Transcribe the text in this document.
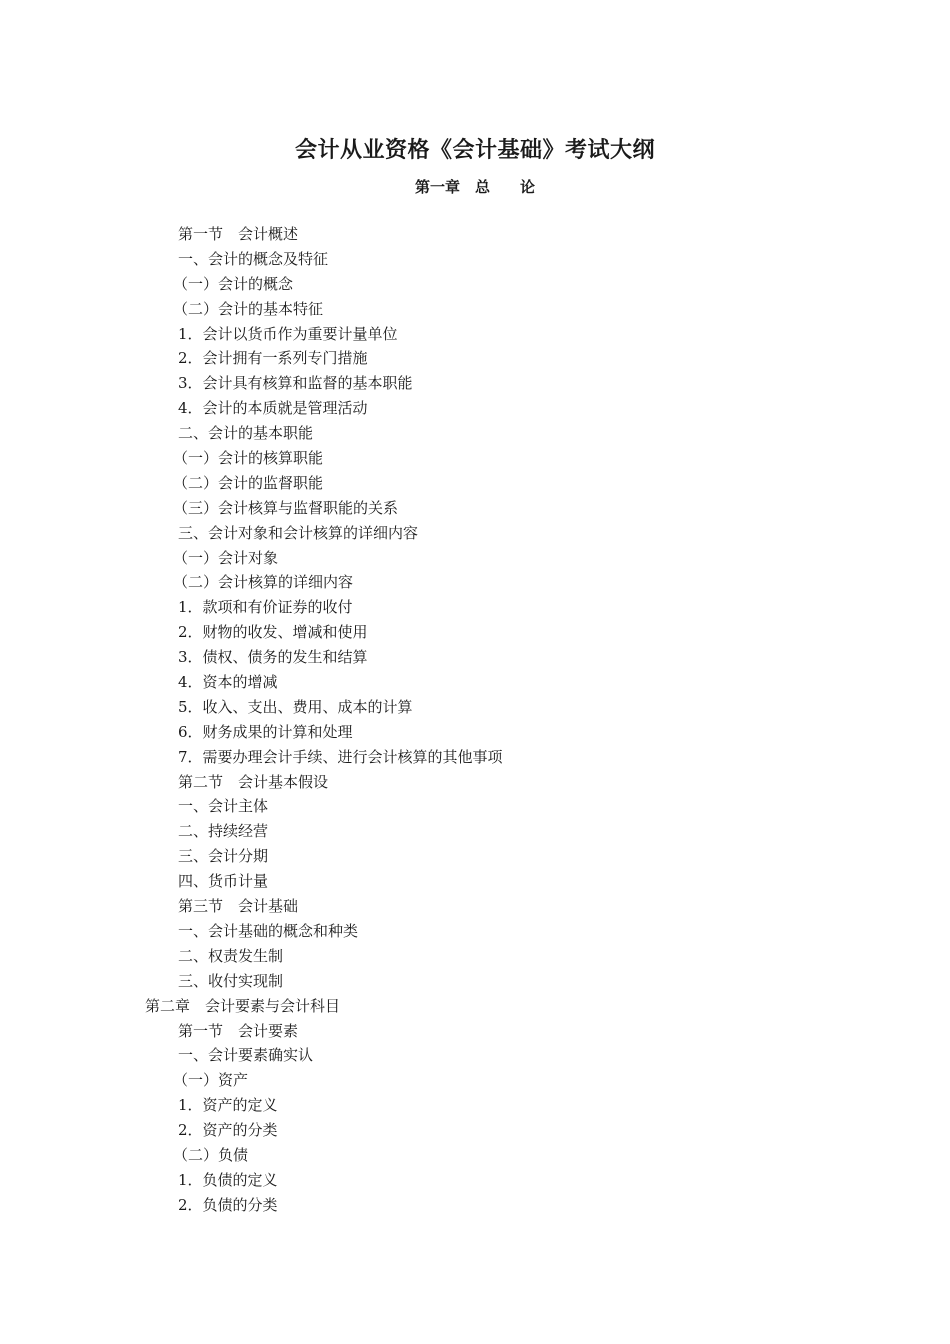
会计从业资格《会计基础》考试大纲
第一章　总　　论
第一节　会计概述
一、会计的概念及特征
（一）会计的概念
（二）会计的基本特征
1．会计以货币作为重要计量单位
2．会计拥有一系列专门措施
3．会计具有核算和监督的基本职能
4．会计的本质就是管理活动
二、会计的基本职能
（一）会计的核算职能
（二）会计的监督职能
（三）会计核算与监督职能的关系
三、会计对象和会计核算的详细内容
（一）会计对象
（二）会计核算的详细内容
1．款项和有价证券的收付
2．财物的收发、增减和使用
3．债权、债务的发生和结算
4．资本的增减
5．收入、支出、费用、成本的计算
6．财务成果的计算和处理
7．需要办理会计手续、进行会计核算的其他事项
第二节　会计基本假设
一、会计主体
二、持续经营
三、会计分期
四、货币计量
第三节　会计基础
一、会计基础的概念和种类
二、权责发生制
三、收付实现制
第二章　会计要素与会计科目
第一节　会计要素
一、会计要素确实认
（一）资产
1．资产的定义
2．资产的分类
（二）负债
1．负债的定义
2．负债的分类
